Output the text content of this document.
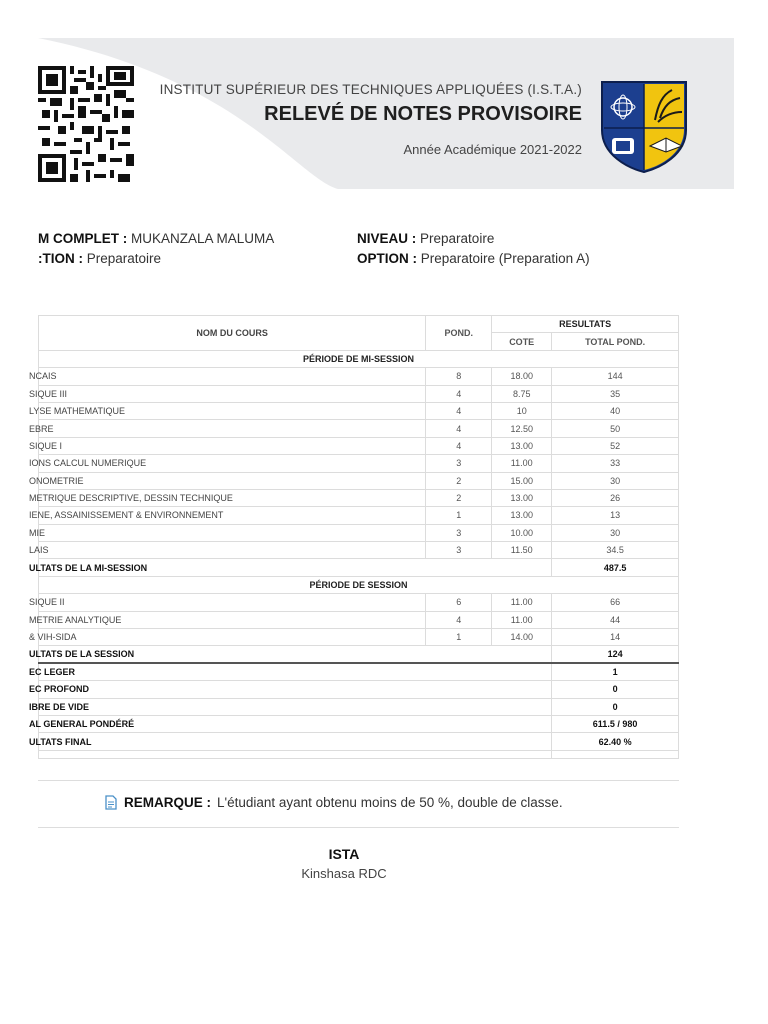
INSTITUT SUPÉRIEUR DES TECHNIQUES APPLIQUÉES (I.S.T.A.)
RELEVÉ DE NOTES PROVISOIRE
Année Académique 2021-2022
M COMPLET : MUKANZALA MALUMA
:TION : Preparatoire
NIVEAU : Preparatoire
OPTION : Preparatoire (Preparation A)
NOM DU COURS	POND.	RESULTATS	
		COTE	TOTAL POND.
PÉRIODE DE MI-SESSION			
NCAIS	8	18.00	144
SIQUE III	4	8.75	35
LYSE MATHEMATIQUE	4	10	40
EBRE	4	12.50	50
SIQUE I	4	13.00	52
IONS CALCUL NUMERIQUE	3	11.00	33
ONOMETRIE	2	15.00	30
METRIQUE DESCRIPTIVE, DESSIN TECHNIQUE	2	13.00	26
IENE, ASSAINISSEMENT & ENVIRONNEMENT	1	13.00	13
MIE	3	10.00	30
LAIS	3	11.50	34.5
ULTATS DE LA MI-SESSION			487.5
PÉRIODE DE SESSION			
SIQUE II	6	11.00	66
METRIE ANALYTIQUE	4	11.00	44
& VIH-SIDA	1	14.00	14
ULTATS DE LA SESSION			124
EC LEGER			1
EC PROFOND			0
IBRE DE VIDE			0
AL GENERAL PONDÉRÉ			611.5 / 980
ULTATS FINAL			62.40 %

REMARQUE : L'étudiant ayant obtenu moins de 50 %, double de classe.
ISTA
Kinshasa RDC
